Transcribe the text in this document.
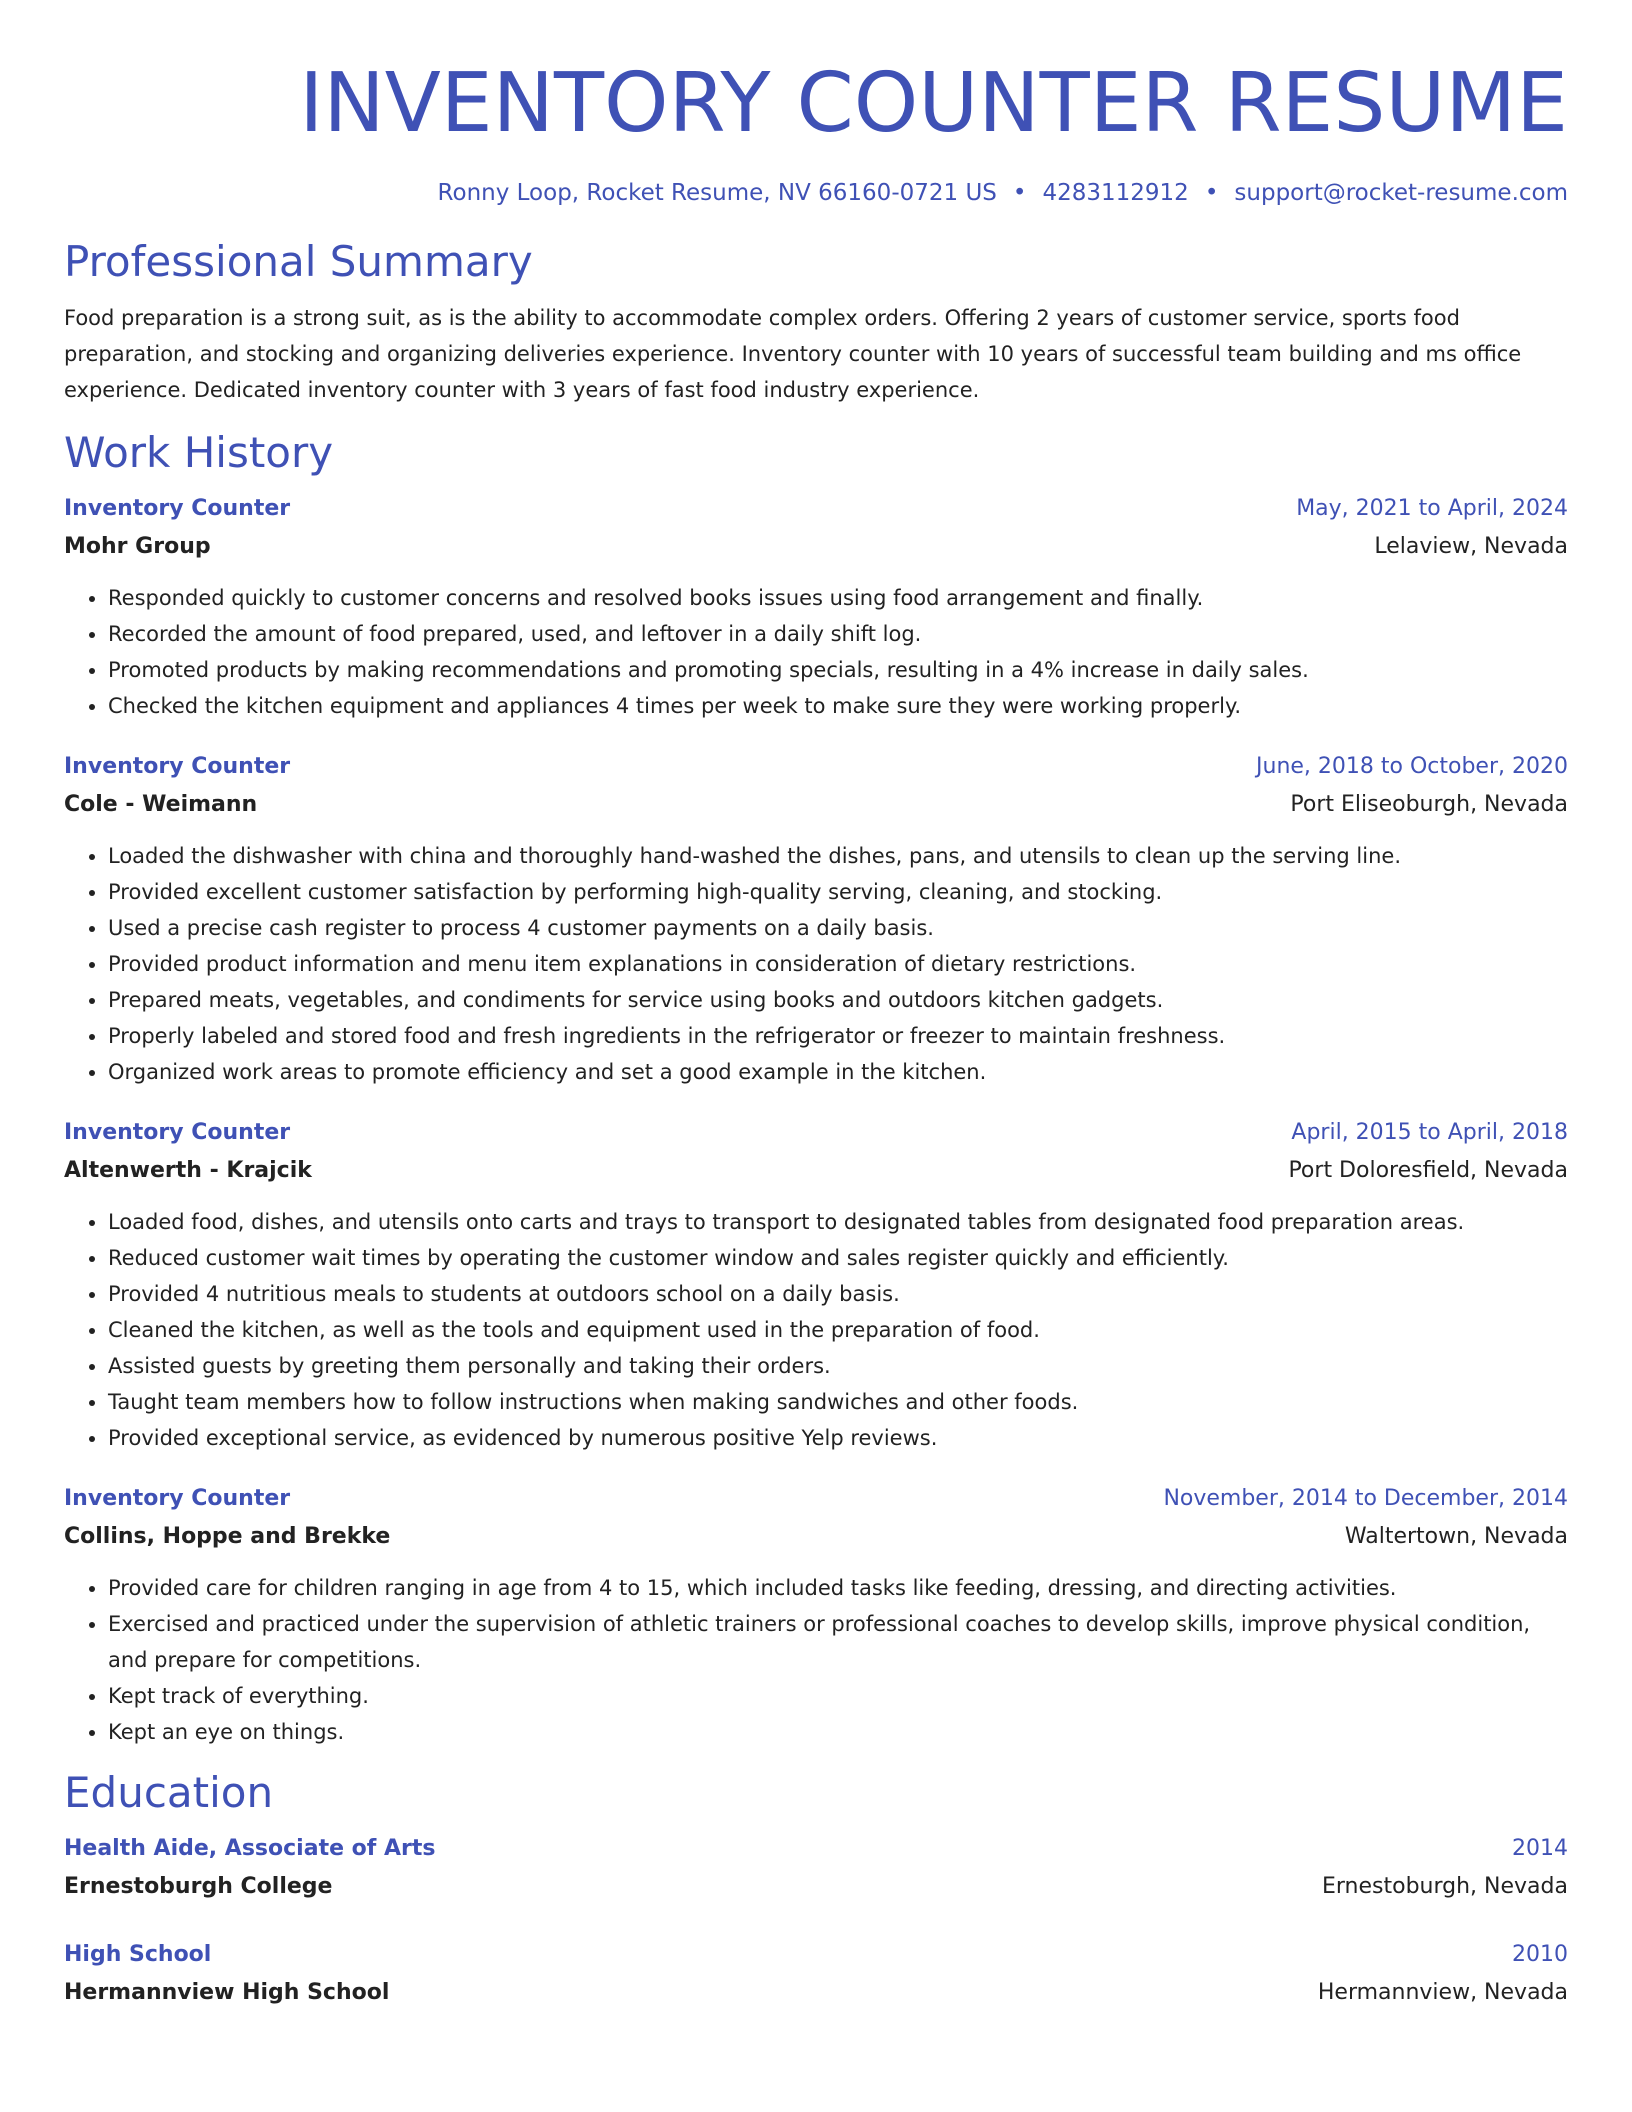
INVENTORY COUNTER RESUME
Ronny Loop, Rocket Resume, NV 66160-0721 US • 4283112912 • support@rocket-resume.com
Professional Summary
Food preparation is a strong suit, as is the ability to accommodate complex orders. Offering 2 years of customer service, sports food preparation, and stocking and organizing deliveries experience. Inventory counter with 10 years of successful team building and ms office experience. Dedicated inventory counter with 3 years of fast food industry experience.
Work History
Inventory Counter	May, 2021 to April, 2024
Mohr Group	Lelaview, Nevada
• Responded quickly to customer concerns and resolved books issues using food arrangement and finally.
• Recorded the amount of food prepared, used, and leftover in a daily shift log.
• Promoted products by making recommendations and promoting specials, resulting in a 4% increase in daily sales.
• Checked the kitchen equipment and appliances 4 times per week to make sure they were working properly.
Inventory Counter	June, 2018 to October, 2020
Cole - Weimann	Port Eliseoburgh, Nevada
• Loaded the dishwasher with china and thoroughly hand-washed the dishes, pans, and utensils to clean up the serving line.
• Provided excellent customer satisfaction by performing high-quality serving, cleaning, and stocking.
• Used a precise cash register to process 4 customer payments on a daily basis.
• Provided product information and menu item explanations in consideration of dietary restrictions.
• Prepared meats, vegetables, and condiments for service using books and outdoors kitchen gadgets.
• Properly labeled and stored food and fresh ingredients in the refrigerator or freezer to maintain freshness.
• Organized work areas to promote efficiency and set a good example in the kitchen.
Inventory Counter	April, 2015 to April, 2018
Altenwerth - Krajcik	Port Doloresfield, Nevada
• Loaded food, dishes, and utensils onto carts and trays to transport to designated tables from designated food preparation areas.
• Reduced customer wait times by operating the customer window and sales register quickly and efficiently.
• Provided 4 nutritious meals to students at outdoors school on a daily basis.
• Cleaned the kitchen, as well as the tools and equipment used in the preparation of food.
• Assisted guests by greeting them personally and taking their orders.
• Taught team members how to follow instructions when making sandwiches and other foods.
• Provided exceptional service, as evidenced by numerous positive Yelp reviews.
Inventory Counter	November, 2014 to December, 2014
Collins, Hoppe and Brekke	Waltertown, Nevada
• Provided care for children ranging in age from 4 to 15, which included tasks like feeding, dressing, and directing activities.
• Exercised and practiced under the supervision of athletic trainers or professional coaches to develop skills, improve physical condition, and prepare for competitions.
• Kept track of everything.
• Kept an eye on things.
Education
Health Aide, Associate of Arts	2014
Ernestoburgh College	Ernestoburgh, Nevada
High School	2010
Hermannview High School	Hermannview, Nevada
